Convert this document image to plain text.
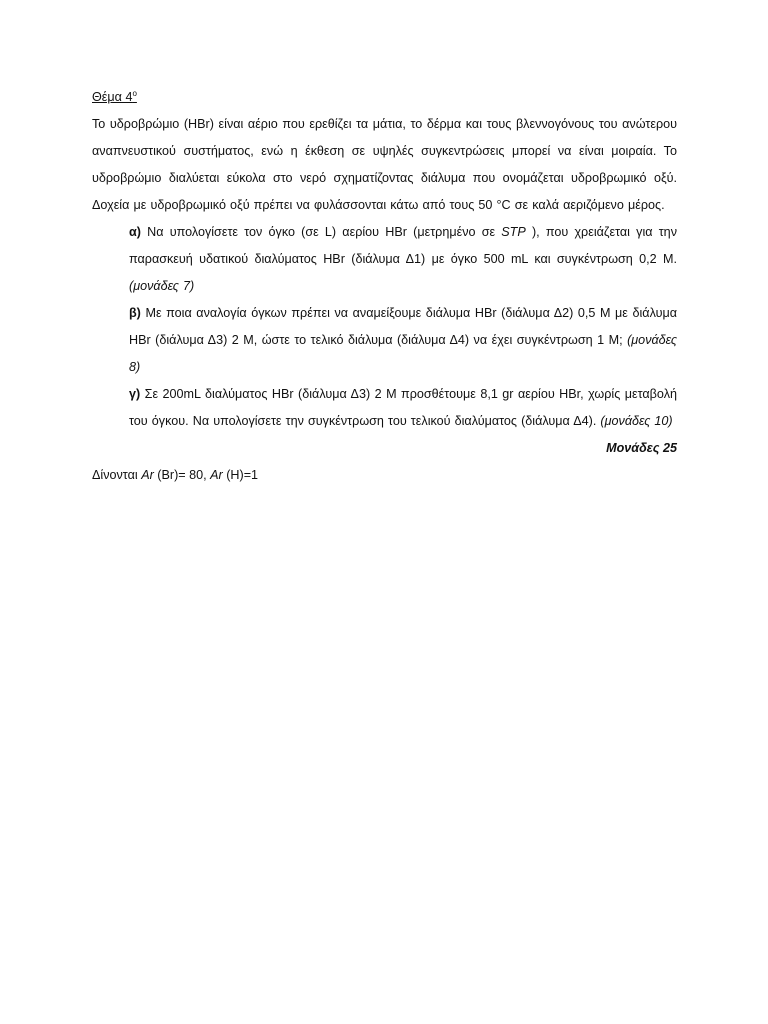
Θέμα $4^o$

Το υδροβρώμιο (HBr) είναι αέριο που ερεθίζει τα μάτια, το δέρμα και τους βλεννογόνους του ανώτερου αναπνευστικού συστήματος, ενώ η έκθεση σε υψηλές συγκεντρώσεις μπορεί να είναι μοιραία. Το υδροβρώμιο διαλύεται εύκολα στο νερό σχηματίζοντας διάλυμα που ονομάζεται υδροβρωμικό οξύ. Δοχεία με υδροβρωμικό οξύ πρέπει να φυλάσσονται κάτω από τους 50 °C σε καλά αεριζόμενο μέρος.

α) Να υπολογίσετε τον όγκο (σε L) αερίου HBr (μετρημένο σε STP ), που χρειάζεται για την παρασκευή υδατικού διαλύματος HBr (διάλυμα Δ1) με όγκο 500 mL και συγκέντρωση 0,2 M. (μονάδες 7)

β) Με ποια αναλογία όγκων πρέπει να αναμείξουμε διάλυμα HBr (διάλυμα Δ2) 0,5 M με διάλυμα HBr (διάλυμα Δ3) 2 M, ώστε το τελικό διάλυμα (διάλυμα Δ4) να έχει συγκέντρωση 1 M; (μονάδες 8)

γ) Σε 200mL διαλύματος HBr (διάλυμα Δ3) 2 M προσθέτουμε 8,1 gr αερίου HBr, χωρίς μεταβολή του όγκου. Να υπολογίσετε την συγκέντρωση του τελικού διαλύματος (διάλυμα Δ4). (μονάδες 10)

Μονάδες 25

Δίνονται Ar (Br)= 80, Ar (H)=1
